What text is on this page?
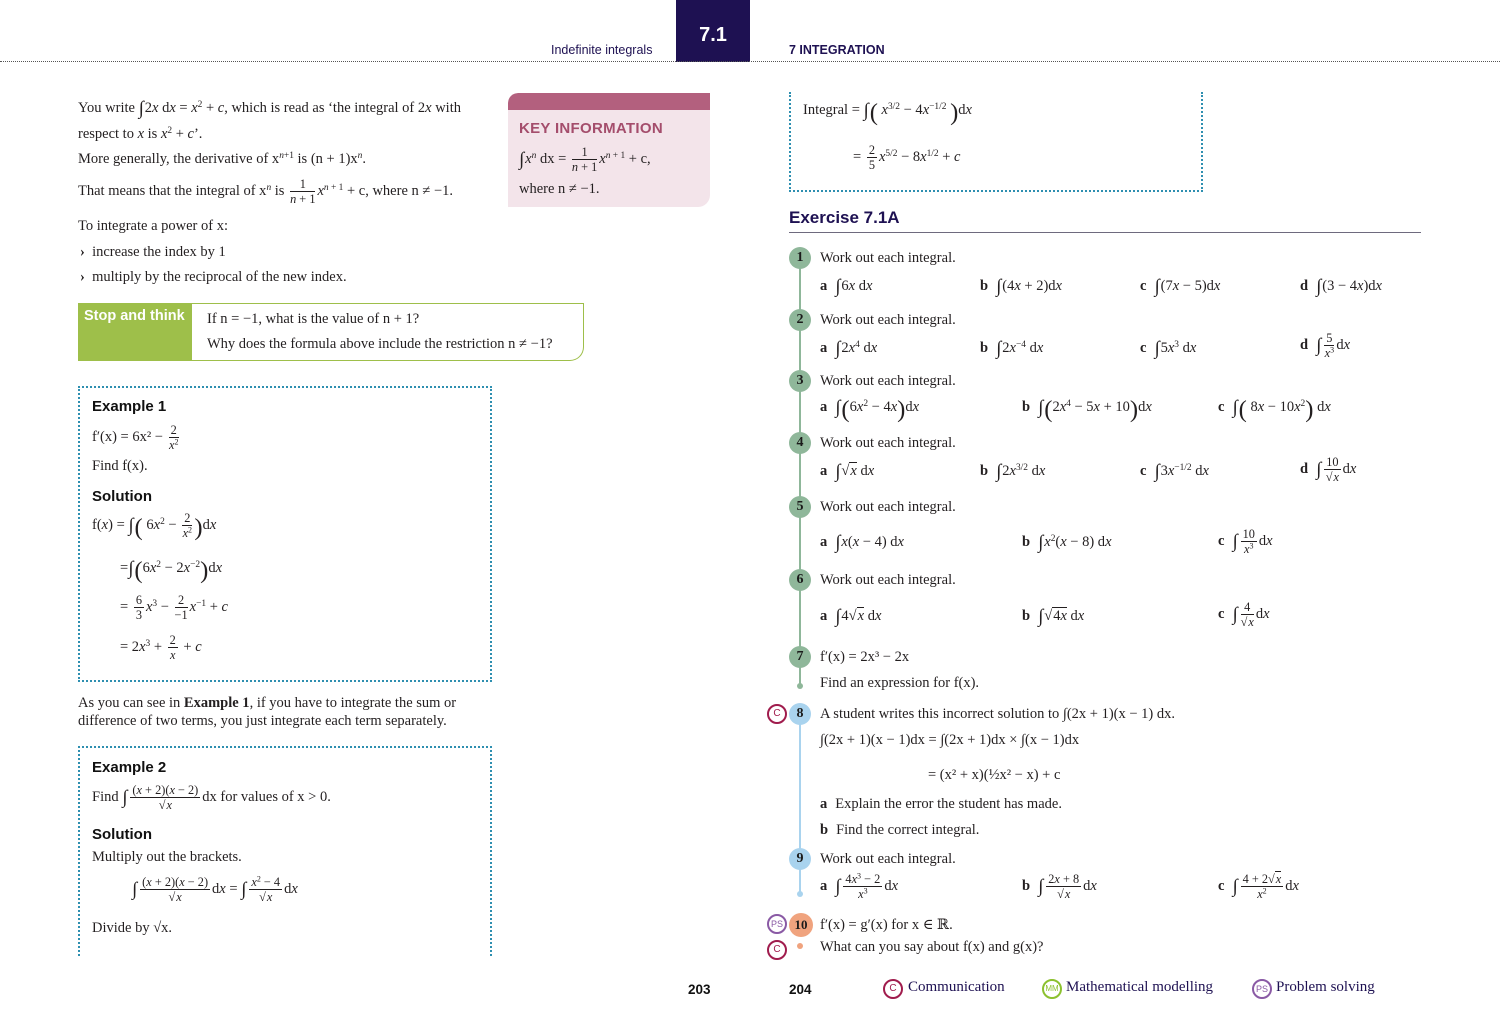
Indefinite integrals
7.1
7 INTEGRATION
You write ∫2x dx = $x^2 + c$, which is read as ‘the integral of 2x with
respect to x is $x^2 + c$’.
More generally, the derivative of $x^{n+1}$ is $(n + 1)x^n$.
That means that the integral of $x^n$ is $\frac{1}{n + 1} x^{n + 1} + c$, where n ≠ −1.
To integrate a power of x:
› increase the index by 1
› multiply by the reciprocal of the new index.
KEY INFORMATION
$\int x^n$ dx = $\frac{1}{n + 1} x^{n + 1} + c$,
where n ≠ −1.
Stop and think	If n = −1, what is the value of n + 1?
Why does the formula above include the restriction n ≠ −1?
Example 1
$f'(x) = 6x^2 - \frac{2}{x^2}$
Find f(x).
Solution
f(x) = ∫( $6x^2 - \frac{2}{x^2} )dx$
$=\int(6x^2 - 2x^{-2})dx$
= $\frac{6}{3} x^3 - \frac{2}{-1} x^{-1} + c$
= $2x^3 + \frac{2}{x} + c$
As you can see in Example 1, if you have to integrate the sum or
difference of two terms, you just integrate each term separately.
Example 2
Find ∫ $\frac{(x + 2)(x - 2)}{√x}$ dx for values of x > 0.
Solution
Multiply out the brackets.
∫ $\frac{(x + 2)(x - 2)}{√x}$ dx = ∫ $\frac{x^2 - 4}{√x}$ dx
Divide by √x.
Integral = ∫( $x^{3/2} - 4x^{-1/2}$ )dx
= $\frac{2}{5} x^{5/2} - 8x^{1/2} + c$
Exercise 7.1A
1	Work out each integral.
a ∫6x dx	b ∫(4x + 2)dx	c ∫(7x − 5)dx	d ∫(3 − 4x)dx
2	Work out each integral.
a $\int 2x^4$ dx	b $\int 2x^{-4}$ dx	c $\int 5x^3$ dx	d ∫ $\frac{5}{x^3}$ dx
3	Work out each integral.
a $\int(6x^2 - 4x)dx$	b $\int(2x^4 - 5x + 10)dx$	c ∫( $8x - 10x^2$) dx
4	Work out each integral.
a ∫√x dx	b $\int 2x^{3/2}$ dx	c $\int 3x^{-1/2}$ dx	d ∫ $\frac{10}{√x}$ dx
5	Work out each integral.
a ∫x(x − 4) dx	b $\int x^2(x - 8)$ dx	c ∫ $\frac{10}{x^3}$ dx
6	Work out each integral.
a ∫4√x dx	b ∫√4x dx	c ∫ $\frac{4}{√x}$ dx
7	f′(x) = 2x³ − 2x
Find an expression for f(x).
C	8	A student writes this incorrect solution to ∫(2x + 1)(x − 1) dx.
∫(2x + 1)(x − 1)dx = ∫(2x + 1)dx × ∫(x − 1)dx
= (x² + x)(½x² − x) + c
a Explain the error the student has made.
b Find the correct integral.
9	Work out each integral.
a ∫ $\frac{4x^3 - 2}{x^3}$ dx	b ∫ $\frac{2x + 8}{√x}$ dx	c ∫ $\frac{4 + 2√x}{x^2}$ dx
PS
C
10 f′(x) = g′(x) for x ∈ ℝ.
What can you say about f(x) and g(x)?
203	204	C Communication	MM Mathematical modelling	PS Problem solving
